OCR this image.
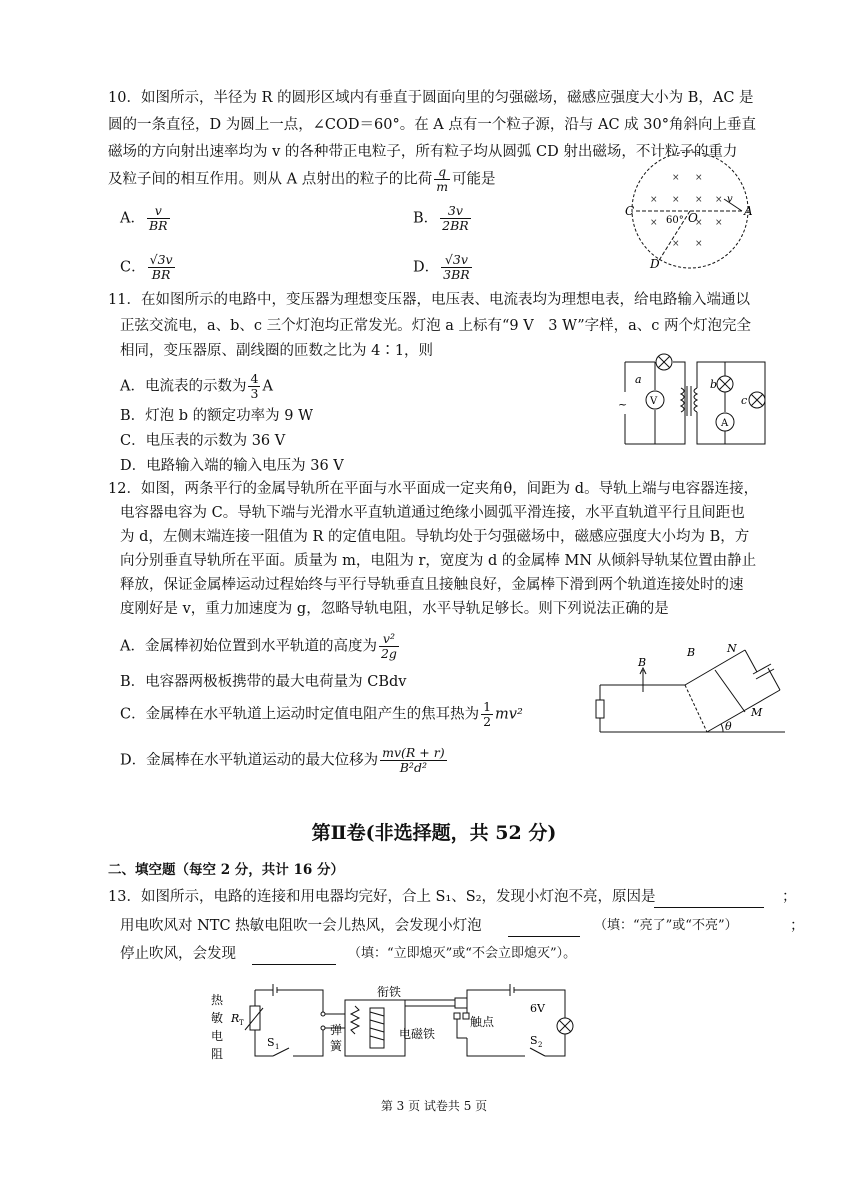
10．如图所示，半径为 R 的圆形区域内有垂直于圆面向里的匀强磁场，磁感应强度大小为 B，AC 是
圆的一条直径，D 为圆上一点，∠COD＝60°。在 A 点有一个粒子源，沿与 AC 成 30°角斜向上垂直
磁场的方向射出速率均为 v 的各种带正电粒子，所有粒子均从圆弧 CD 射出磁场，不计粒子的重力
及粒子间的相互作用。则从 A 点射出的粒子的比荷 $\frac{q}{m}$ 可能是
A． $\frac{v}{BR}$	B． $\frac{3v}{2BR}$
C． $\frac{√3v}{BR}$	D． $\frac{√3v}{3BR}$
× ×
× × × ×
×	× ×
× ×
C	O	A
D
60°
v
11．在如图所示的电路中，变压器为理想变压器，电压表、电流表均为理想电表，给电路输入端通以
正弦交流电，a、b、c 三个灯泡均正常发光。灯泡 a 上标有“9 V　3 W”字样，a、c 两个灯泡完全
相同，变压器原、副线圈的匝数之比为 4∶1，则
A．电流表的示数为 $\frac{4}{3}$ A
B．灯泡 b 的额定功率为 9 W
C．电压表的示数为 36 V
D．电路输入端的输入电压为 36 V
a
V
~
b
A
c
12．如图，两条平行的金属导轨所在平面与水平面成一定夹角θ，间距为 d。导轨上端与电容器连接，
电容器电容为 C。导轨下端与光滑水平直轨道通过绝缘小圆弧平滑连接，水平直轨道平行且间距也
为 d，左侧末端连接一阻值为 R 的定值电阻。导轨均处于匀强磁场中，磁感应强度大小均为 B，方
向分别垂直导轨所在平面。质量为 m，电阻为 r，宽度为 d 的金属棒 MN 从倾斜导轨某位置由静止
释放，保证金属棒运动过程始终与平行导轨垂直且接触良好，金属棒下滑到两个轨道连接处时的速
度刚好是 v，重力加速度为 g，忽略导轨电阻，水平导轨足够长。则下列说法正确的是
A．金属棒初始位置到水平轨道的高度为 $\frac{\text{v²}}{2g}$
B．电容器两极板携带的最大电荷量为 CBdv
C．金属棒在水平轨道上运动时定值电阻产生的焦耳热为 $\frac{1}{2} mv^2$
D．金属棒在水平轨道运动的最大位移为 $\frac{mv(R + r)}{\text{B²d²}}$
B
B	N
M
θ
第Ⅱ卷(非选择题，共 52 分)
二、填空题（每空 2 分，共计 16 分）
13．如图所示，电路的连接和用电器均完好，合上 S₁、S₂，发现小灯泡不亮，原因是	；
用电吹风对 NTC 热敏电阻吹一会儿热风，会发现小灯泡	（填：“亮了”或“不亮”）	；
停止吹风，会发现	（填：“立即熄灭”或“不会立即熄灭”）。
热
敏
电
阻
R T
S 1
衔铁
弹
簧
电磁铁
触点
6V
S 2
第 3 页 试卷共 5 页
